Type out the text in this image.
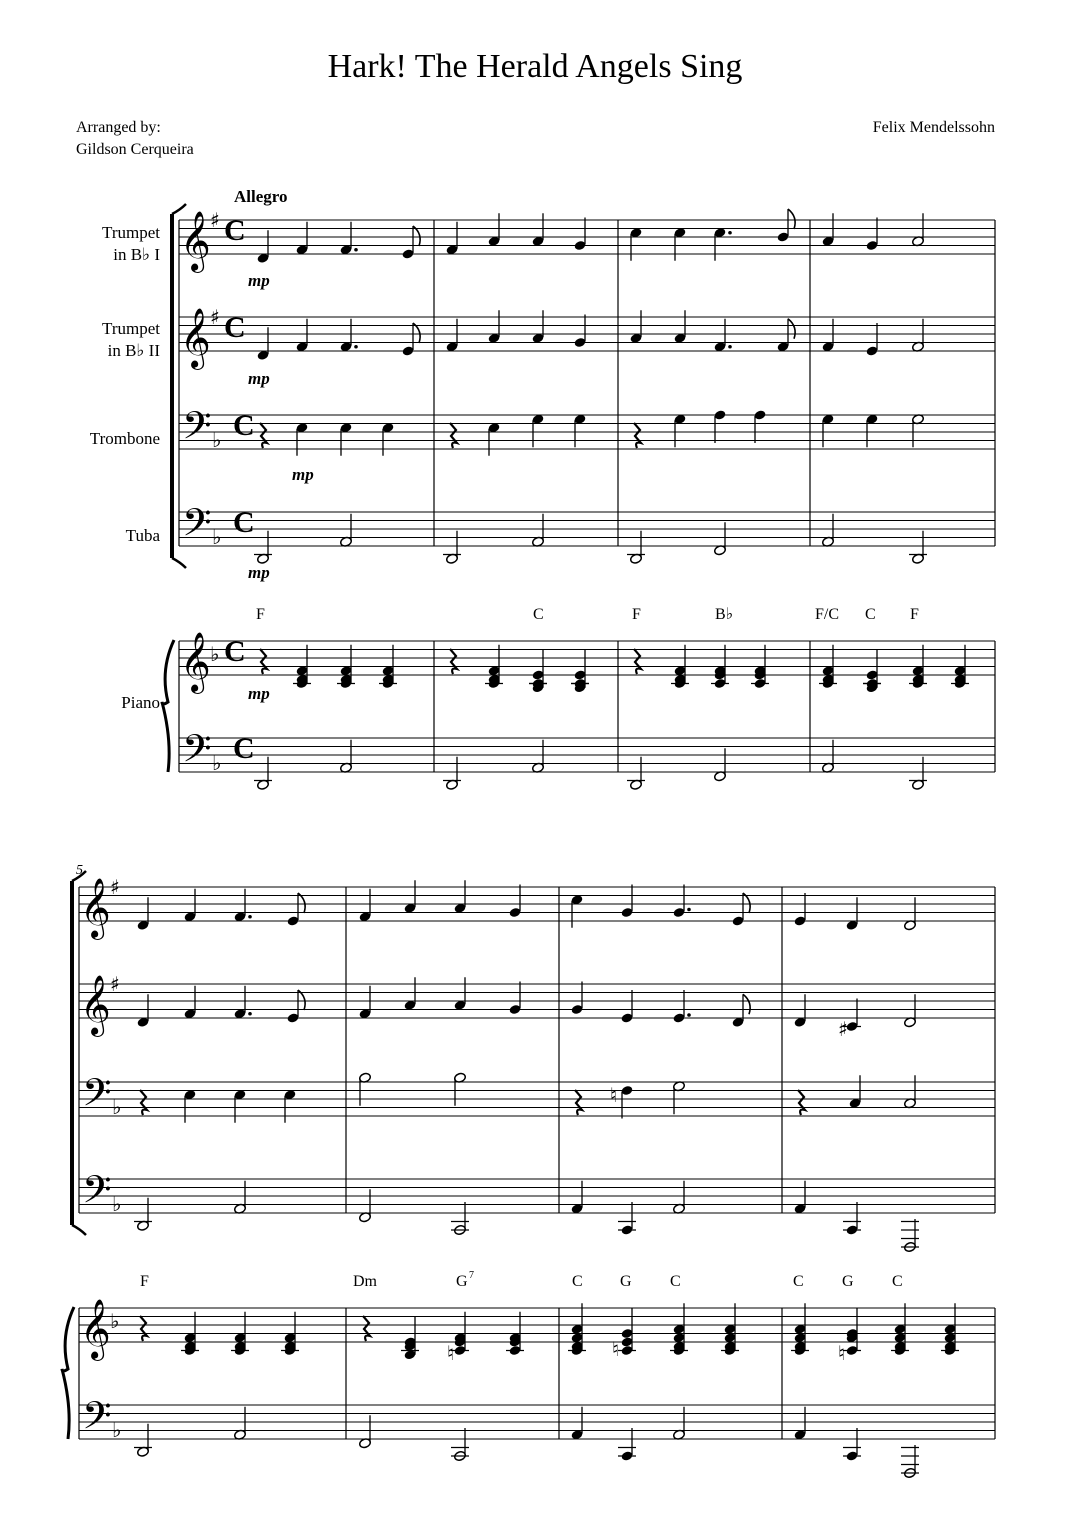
Hark! The Herald Angels Sing
Arranged by:
Gildson Cerqueira
Felix Mendelssohn
Allegro
Trumpet
in B♭ I
Trumpet
in B♭ II
Trombone
Tuba
Piano
5
F	C	F	B♭	F/C C F
F	Dm	G 7	C G C	C G C
mp
mp
mp
mp
mp
C
C
C
C
C
C
𝄞
𝄞
𝄢
𝄢
𝄞
𝄢
♯
♯
♭
♭
♭
♭
𝄞
𝄞
𝄢
𝄢
𝄞
𝄢
♯
♯
♭
♭
♭
♭
♯
♮
♮	♮	♮
